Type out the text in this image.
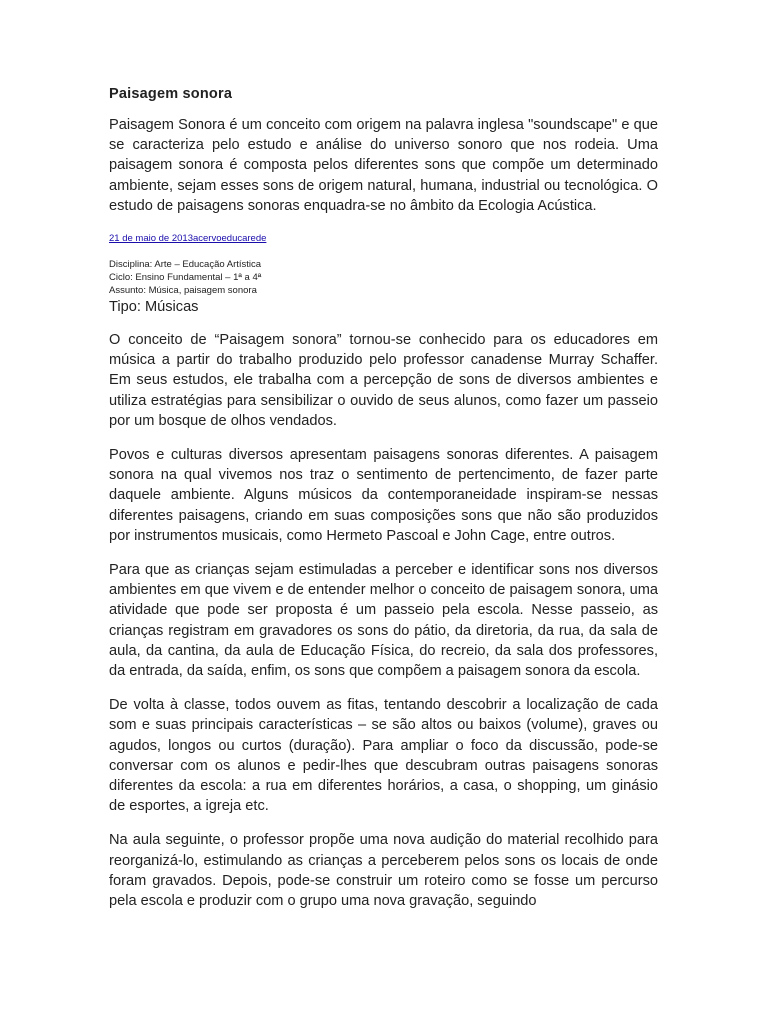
Paisagem sonora

Paisagem Sonora é um conceito com origem na palavra inglesa "soundscape" e que se caracteriza pelo estudo e análise do universo sonoro que nos rodeia. Uma paisagem sonora é composta pelos diferentes sons que compõe um determinado ambiente, sejam esses sons de origem natural, humana, industrial ou tecnológica. O estudo de paisagens sonoras enquadra-se no âmbito da Ecologia Acústica.

21 de maio de 2013acervoeducarede

Disciplina: Arte – Educação Artística

Ciclo: Ensino Fundamental – 1ª a 4ª

Assunto: Música, paisagem sonora

Tipo: Músicas

O conceito de “Paisagem sonora” tornou-se conhecido para os educadores em música a partir do trabalho produzido pelo professor canadense Murray Schaffer. Em seus estudos, ele trabalha com a percepção de sons de diversos ambientes e utiliza estratégias para sensibilizar o ouvido de seus alunos, como fazer um passeio por um bosque de olhos vendados.

Povos e culturas diversos apresentam paisagens sonoras diferentes. A paisagem sonora na qual vivemos nos traz o sentimento de pertencimento, de fazer parte daquele ambiente. Alguns músicos da contemporaneidade inspiram-se nessas diferentes paisagens, criando em suas composições sons que não são produzidos por instrumentos musicais, como Hermeto Pascoal e John Cage, entre outros.

Para que as crianças sejam estimuladas a perceber e identificar sons nos diversos ambientes em que vivem e de entender melhor o conceito de paisagem sonora, uma atividade que pode ser proposta é um passeio pela escola. Nesse passeio, as crianças registram em gravadores os sons do pátio, da diretoria, da rua, da sala de aula, da cantina, da aula de Educação Física, do recreio, da sala dos professores, da entrada, da saída, enfim, os sons que compõem a paisagem sonora da escola.

De volta à classe, todos ouvem as fitas, tentando descobrir a localização de cada som e suas principais características – se são altos ou baixos (volume), graves ou agudos, longos ou curtos (duração). Para ampliar o foco da discussão, pode-se conversar com os alunos e pedir-lhes que descubram outras paisagens sonoras diferentes da escola: a rua em diferentes horários, a casa, o shopping, um ginásio de esportes, a igreja etc.

Na aula seguinte, o professor propõe uma nova audição do material recolhido para reorganizá-lo, estimulando as crianças a perceberem pelos sons os locais de onde foram gravados. Depois, pode-se construir um roteiro como se fosse um percurso pela escola e produzir com o grupo uma nova gravação, seguindo
